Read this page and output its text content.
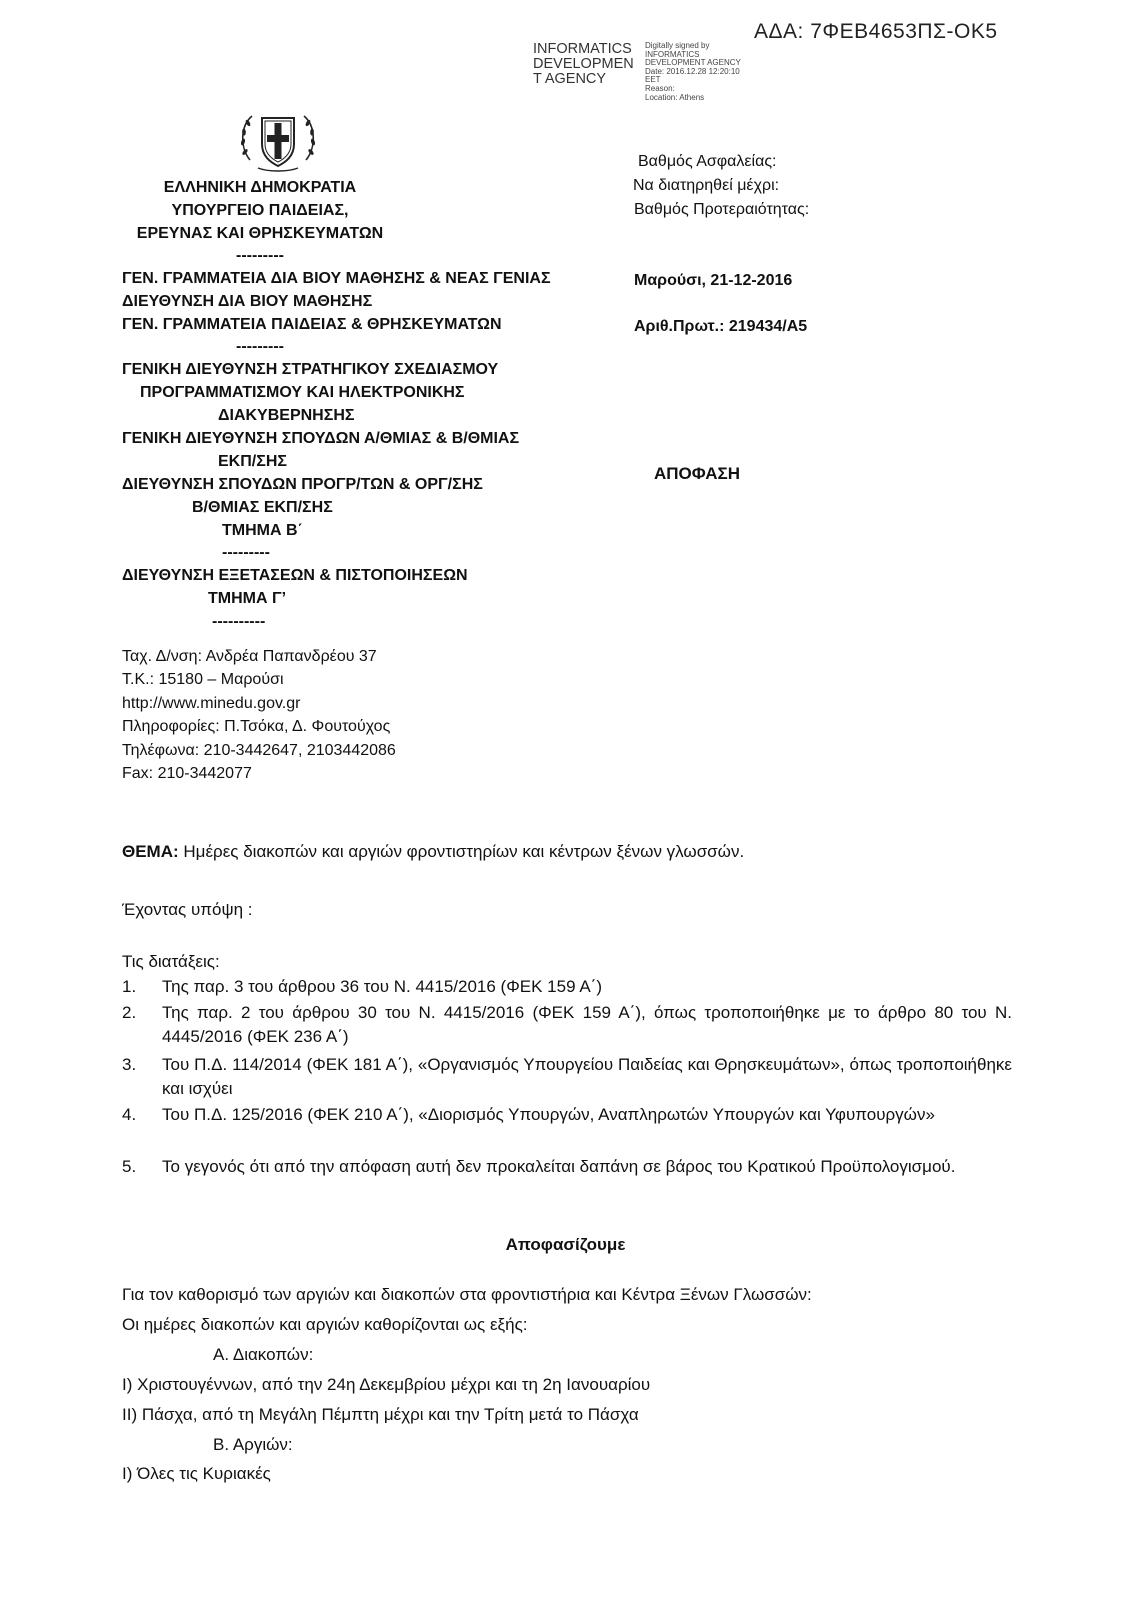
ΑΔΑ: 7ΦΕΒ4653ΠΣ-ΟΚ5
INFORMATICS DEVELOPMEN T AGENCY
Digitally signed by
INFORMATICS
DEVELOPMENT AGENCY
Date: 2016.12.28 12:20:10
EET
Reason:
Location: Athens
ΕΛΛΗΝΙΚΗ ΔΗΜΟΚΡΑΤΙΑ
ΥΠΟΥΡΓΕΙΟ ΠΑΙΔΕΙΑΣ,
ΕΡΕΥΝΑΣ ΚΑΙ ΘΡΗΣΚΕΥΜΑΤΩΝ
---------
ΓΕΝ. ΓΡΑΜΜΑΤΕΙΑ ΔΙΑ ΒΙΟΥ ΜΑΘΗΣΗΣ & ΝΕΑΣ ΓΕΝΙΑΣ
ΔΙΕΥΘΥΝΣΗ ΔΙΑ ΒΙΟΥ ΜΑΘΗΣΗΣ
ΓΕΝ. ΓΡΑΜΜΑΤΕΙΑ ΠΑΙΔΕΙΑΣ & ΘΡΗΣΚΕΥΜΑΤΩΝ
---------
ΓΕΝΙΚΗ ΔΙΕΥΘΥΝΣΗ ΣΤΡΑΤΗΓΙΚΟΥ ΣΧΕΔΙΑΣΜΟΥ
ΠΡΟΓΡΑΜΜΑΤΙΣΜΟΥ ΚΑΙ ΗΛΕΚΤΡΟΝΙΚΗΣ
ΔΙΑΚΥΒΕΡΝΗΣΗΣ
ΓΕΝΙΚΗ ΔΙΕΥΘΥΝΣΗ ΣΠΟΥΔΩΝ Α/ΘΜΙΑΣ & Β/ΘΜΙΑΣ
ΕΚΠ/ΣΗΣ
ΔΙΕΥΘΥΝΣΗ ΣΠΟΥΔΩΝ ΠΡΟΓΡ/ΤΩΝ & ΟΡΓ/ΣΗΣ
Β/ΘΜΙΑΣ ΕΚΠ/ΣΗΣ
ΤΜΗΜΑ Β΄
---------
ΔΙΕΥΘΥΝΣΗ ΕΞΕΤΑΣΕΩΝ & ΠΙΣΤΟΠΟΙΗΣΕΩΝ
ΤΜΗΜΑ Γ’
----------
Βαθμός Ασφαλείας:
Να διατηρηθεί μέχρι:
Βαθμός Προτεραιότητας:
Μαρούσι, 21-12-2016
Αριθ.Πρωτ.: 219434/Α5
ΑΠΟΦΑΣΗ
Ταχ. Δ/νση: Ανδρέα Παπανδρέου 37
Τ.Κ.: 15180 – Μαρούσι
http://www.minedu.gov.gr
Πληροφορίες: Π.Τσόκα, Δ. Φουτούχος
Τηλέφωνα: 210-3442647, 2103442086
Fax: 210-3442077
ΘΕΜΑ: Ημέρες διακοπών και αργιών φροντιστηρίων και κέντρων ξένων γλωσσών.
Έχοντας υπόψη :
Τις διατάξεις:
1.	Της παρ. 3 του άρθρου 36 του Ν. 4415/2016 (ΦΕΚ 159 Α΄)
2.	Της παρ. 2 του άρθρου 30 του Ν. 4415/2016 (ΦΕΚ 159 Α΄), όπως τροποποιήθηκε με το άρθρο 80 του Ν. 4445/2016 (ΦΕΚ 236 Α΄)
3.	Του Π.Δ. 114/2014 (ΦΕΚ 181 Α΄), «Οργανισμός Υπουργείου Παιδείας και Θρησκευμάτων», όπως τροποποιήθηκε και ισχύει
4.	Του Π.Δ. 125/2016 (ΦΕΚ 210 Α΄), «Διορισμός Υπουργών, Αναπληρωτών Υπουργών και Υφυπουργών»
5.	Το γεγονός ότι από την απόφαση αυτή δεν προκαλείται δαπάνη σε βάρος του Κρατικού Προϋπολογισμού.
Αποφασίζουμε
Για τον καθορισμό των αργιών και διακοπών στα φροντιστήρια και Κέντρα Ξένων Γλωσσών:
Οι ημέρες διακοπών και αργιών καθορίζονται ως εξής:
Α. Διακοπών:
Ι) Χριστουγέννων, από την 24η Δεκεμβρίου μέχρι και τη 2η Ιανουαρίου
ΙΙ) Πάσχα, από τη Μεγάλη Πέμπτη μέχρι και την Τρίτη μετά το Πάσχα
Β. Αργιών:
Ι) Όλες τις Κυριακές
